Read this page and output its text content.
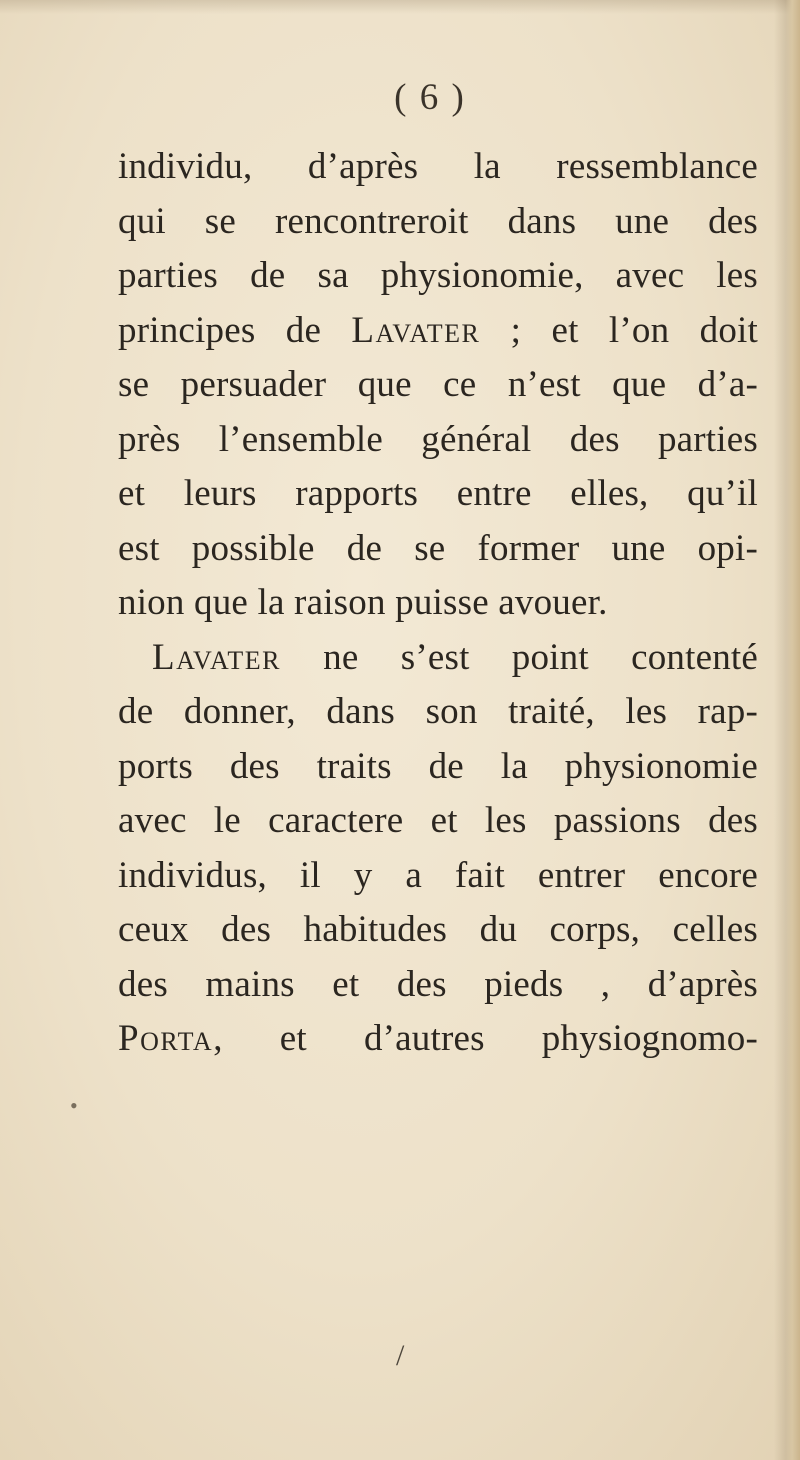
( 6 )
individu, d’après la ressemblance
qui se rencontreroit dans une des
parties de sa physionomie, avec les
principes de Lavater ; et l’on doit
se persuader que ce n’est que d’a-
près l’ensemble général des parties
et leurs rapports entre elles, qu’il
est possible de se former une opi-
nion que la raison puisse avouer.
Lavater ne s’est point contenté
de donner, dans son traité, les rap-
ports des traits de la physionomie
avec le caractere et les passions des
individus, il y a fait entrer encore
ceux des habitudes du corps, celles
des mains et des pieds , d’après
Porta, et d’autres physiognomo-
•
/
